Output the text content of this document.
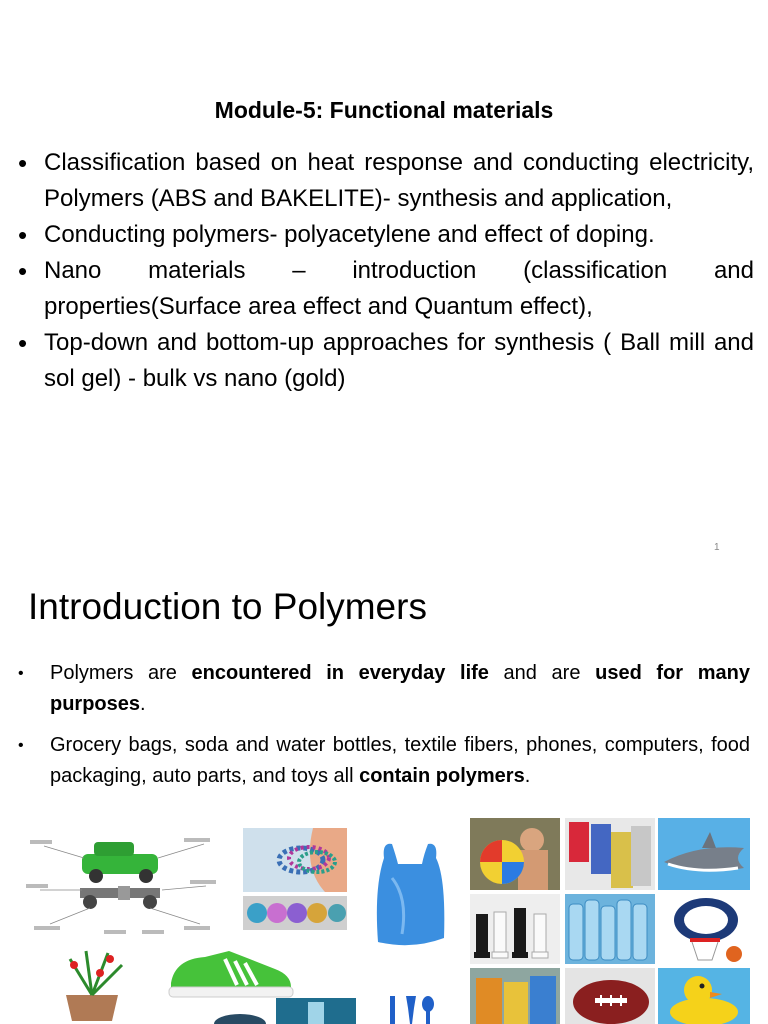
Module-5: Functional materials
• Classification based on heat response and conducting electricity, Polymers (ABS and BAKELITE)- synthesis and application,
• Conducting polymers- polyacetylene and effect of doping.
• Nano materials – introduction (classification and properties(Surface area effect and Quantum effect),
• Top-down and bottom-up approaches for synthesis ( Ball mill and sol gel) - bulk vs nano (gold)
1
Introduction to Polymers
• Polymers are encountered in everyday life and are used for many purposes.
• Grocery bags, soda and water bottles, textile fibers, phones, computers, food packaging, auto parts, and toys all contain polymers.
